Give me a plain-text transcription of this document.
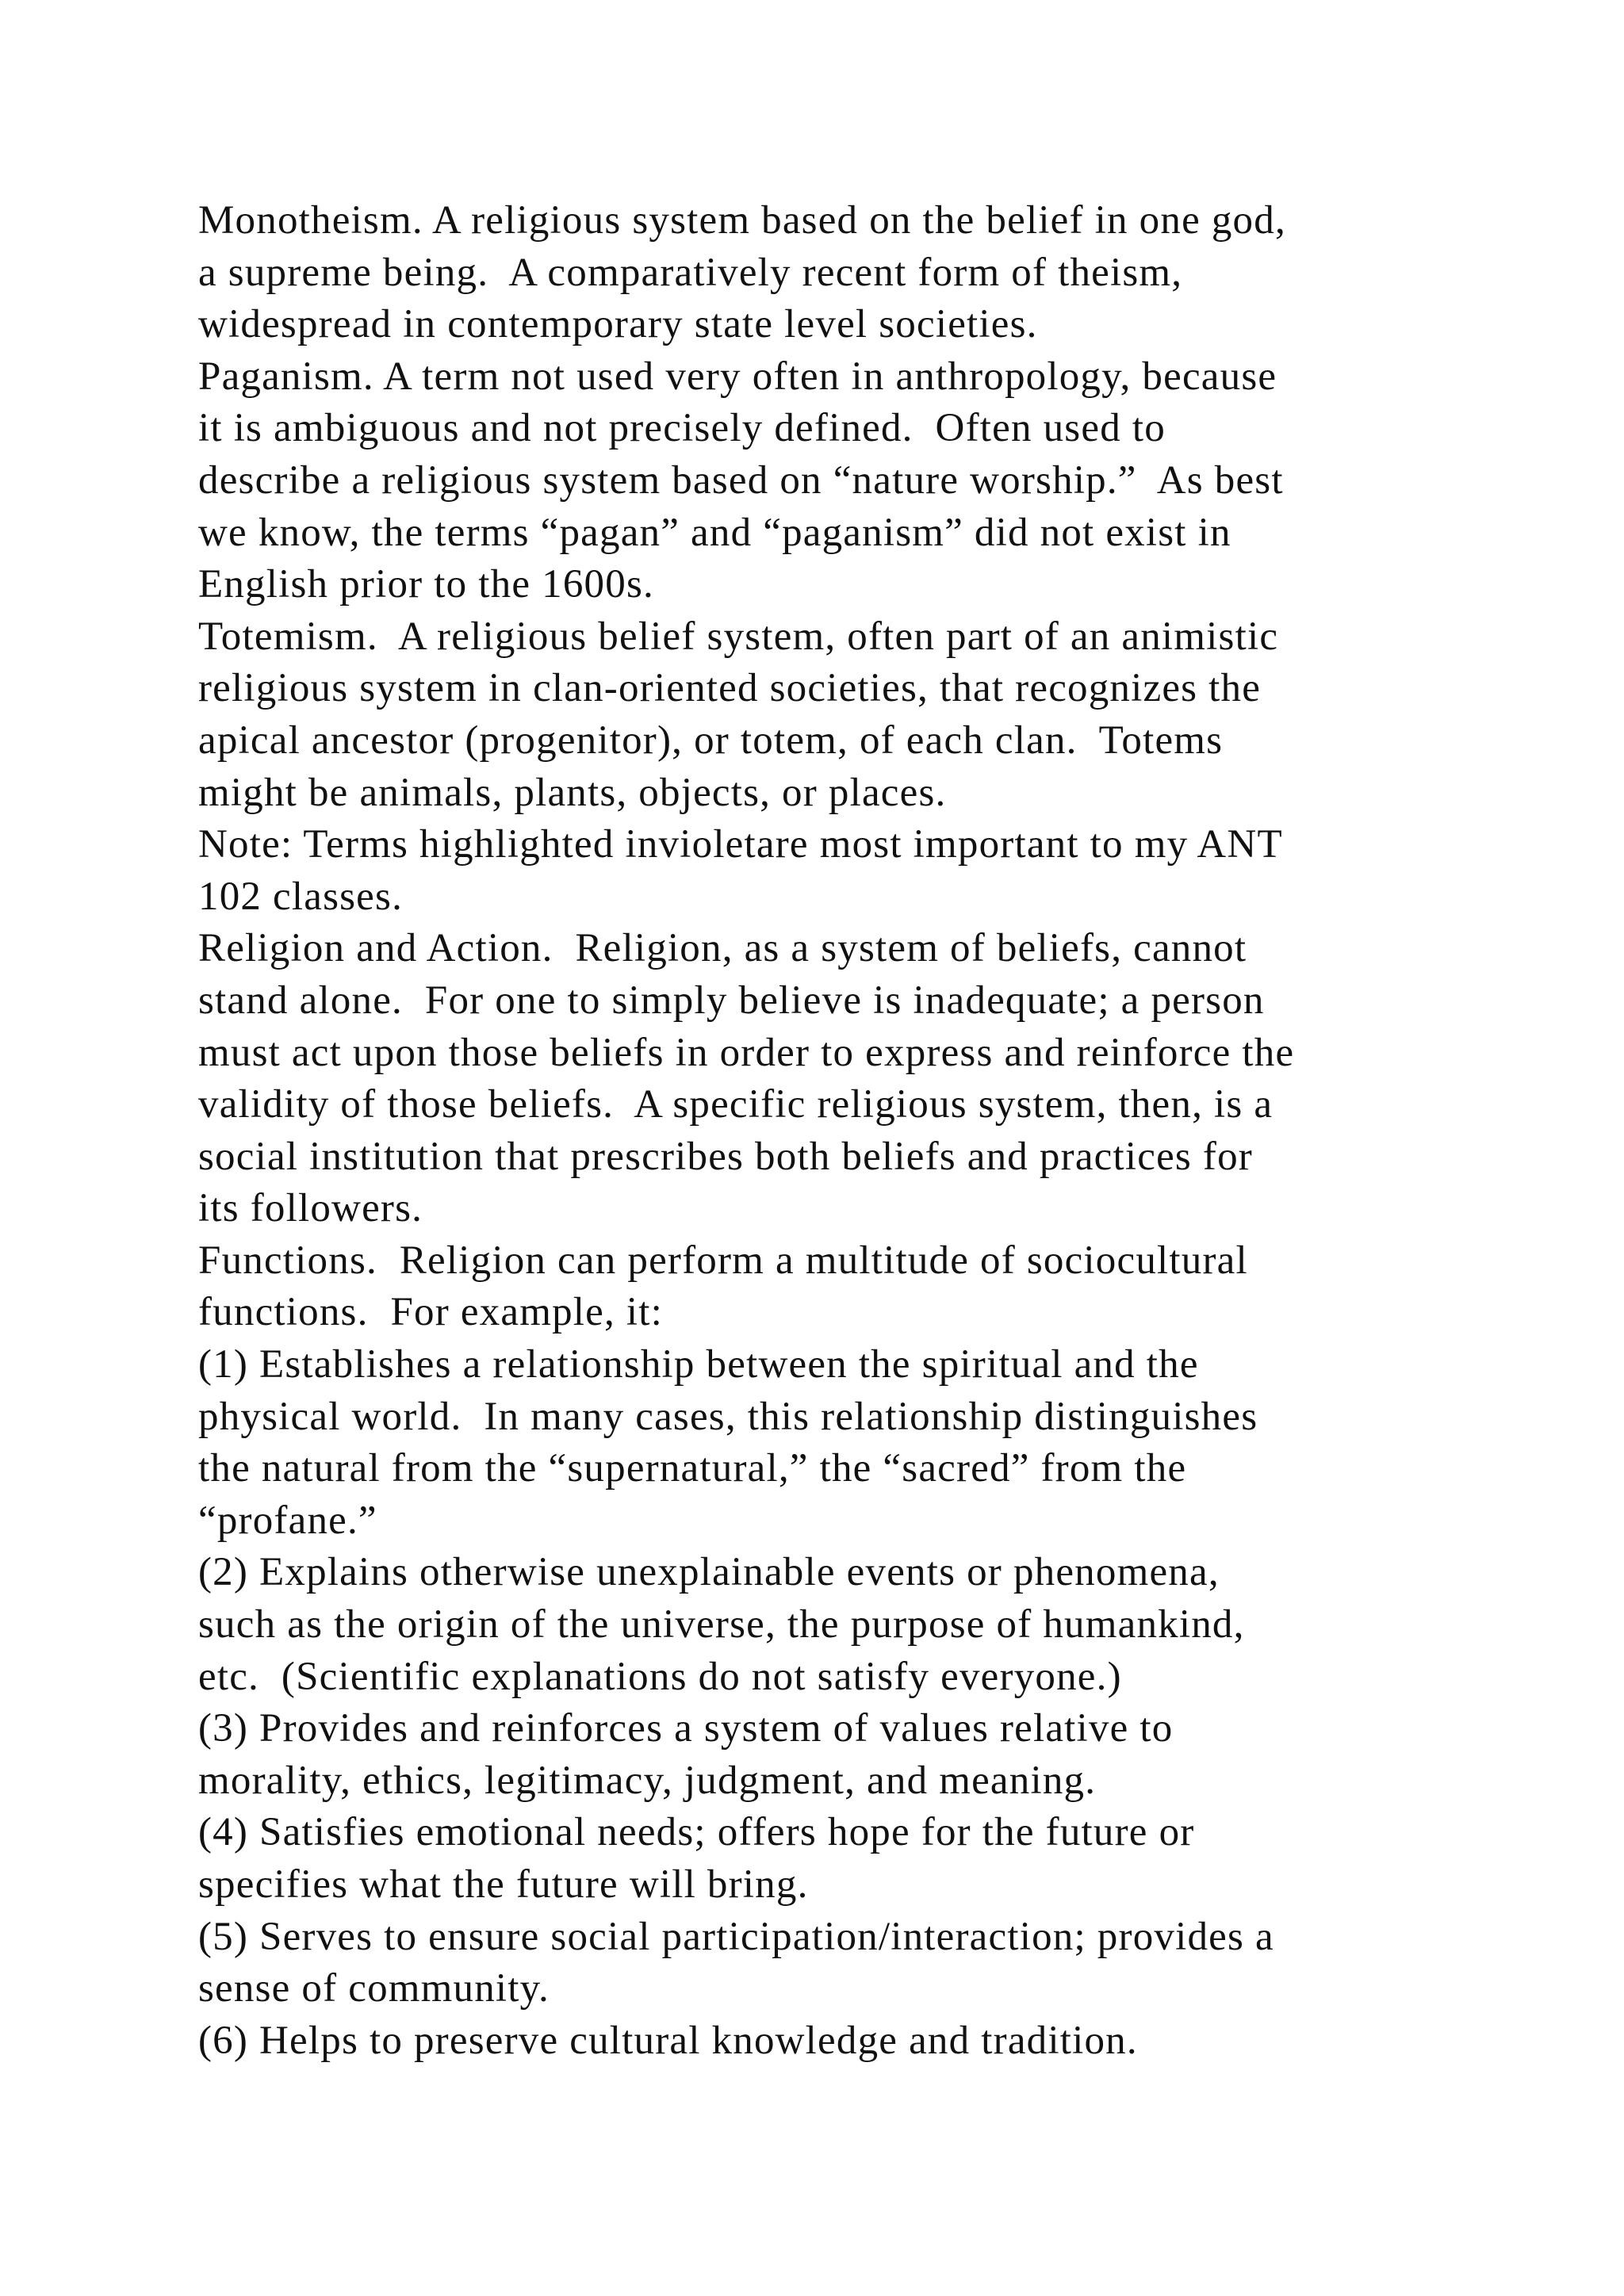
Monotheism. A religious system based on the belief in one god,
a supreme being.  A comparatively recent form of theism,
widespread in contemporary state level societies.
Paganism. A term not used very often in anthropology, because
it is ambiguous and not precisely defined.  Often used to
describe a religious system based on “nature worship.”  As best
we know, the terms “pagan” and “paganism” did not exist in
English prior to the 1600s.
Totemism.  A religious belief system, often part of an animistic
religious system in clan-oriented societies, that recognizes the
apical ancestor (progenitor), or totem, of each clan.  Totems
might be animals, plants, objects, or places.
Note: Terms highlighted invioletare most important to my ANT
102 classes.
Religion and Action.  Religion, as a system of beliefs, cannot
stand alone.  For one to simply believe is inadequate; a person
must act upon those beliefs in order to express and reinforce the
validity of those beliefs.  A specific religious system, then, is a
social institution that prescribes both beliefs and practices for
its followers.
Functions.  Religion can perform a multitude of sociocultural
functions.  For example, it:
(1) Establishes a relationship between the spiritual and the
physical world.  In many cases, this relationship distinguishes
the natural from the “supernatural,” the “sacred” from the
“profane.”
(2) Explains otherwise unexplainable events or phenomena,
such as the origin of the universe, the purpose of humankind,
etc.  (Scientific explanations do not satisfy everyone.)
(3) Provides and reinforces a system of values relative to
morality, ethics, legitimacy, judgment, and meaning.
(4) Satisfies emotional needs; offers hope for the future or
specifies what the future will bring.
(5) Serves to ensure social participation/interaction; provides a
sense of community.
(6) Helps to preserve cultural knowledge and tradition.
